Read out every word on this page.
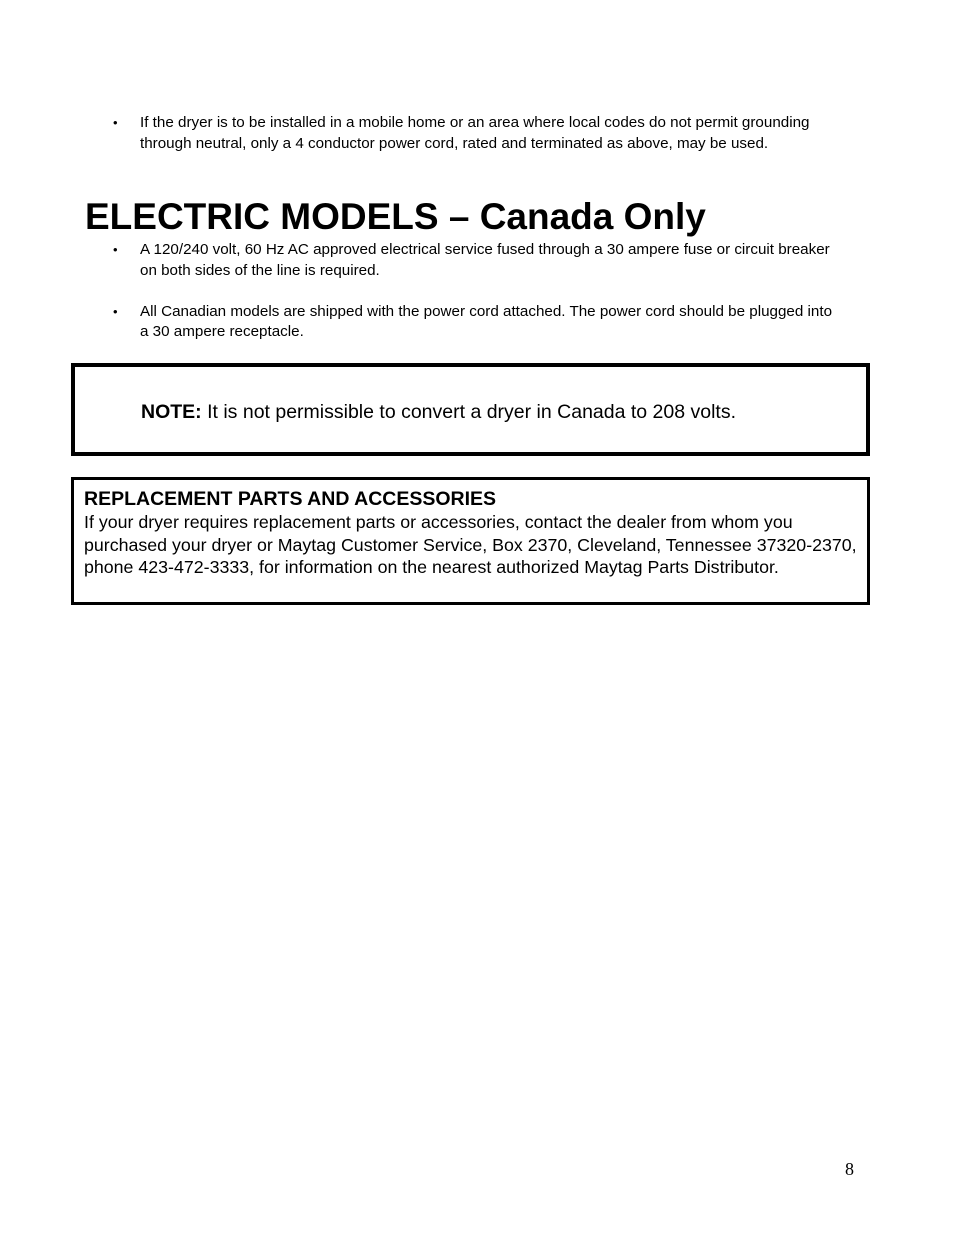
• If the dryer is to be installed in a mobile home or an area where local codes do not permit grounding through neutral, only a 4 conductor power cord, rated and terminated as above, may be used.
ELECTRIC MODELS – Canada Only
• A 120/240 volt, 60 Hz AC approved electrical service fused through a 30 ampere fuse or circuit breaker on both sides of the line is required.
• All Canadian models are shipped with the power cord attached. The power cord should be plugged into a 30 ampere receptacle.
NOTE: It is not permissible to convert a dryer in Canada to 208 volts.
REPLACEMENT PARTS AND ACCESSORIES

If your dryer requires replacement parts or accessories, contact the dealer from whom you purchased your dryer or Maytag Customer Service, Box 2370, Cleveland, Tennessee 37320-2370, phone 423-472-3333, for information on the nearest authorized Maytag Parts Distributor.

8
